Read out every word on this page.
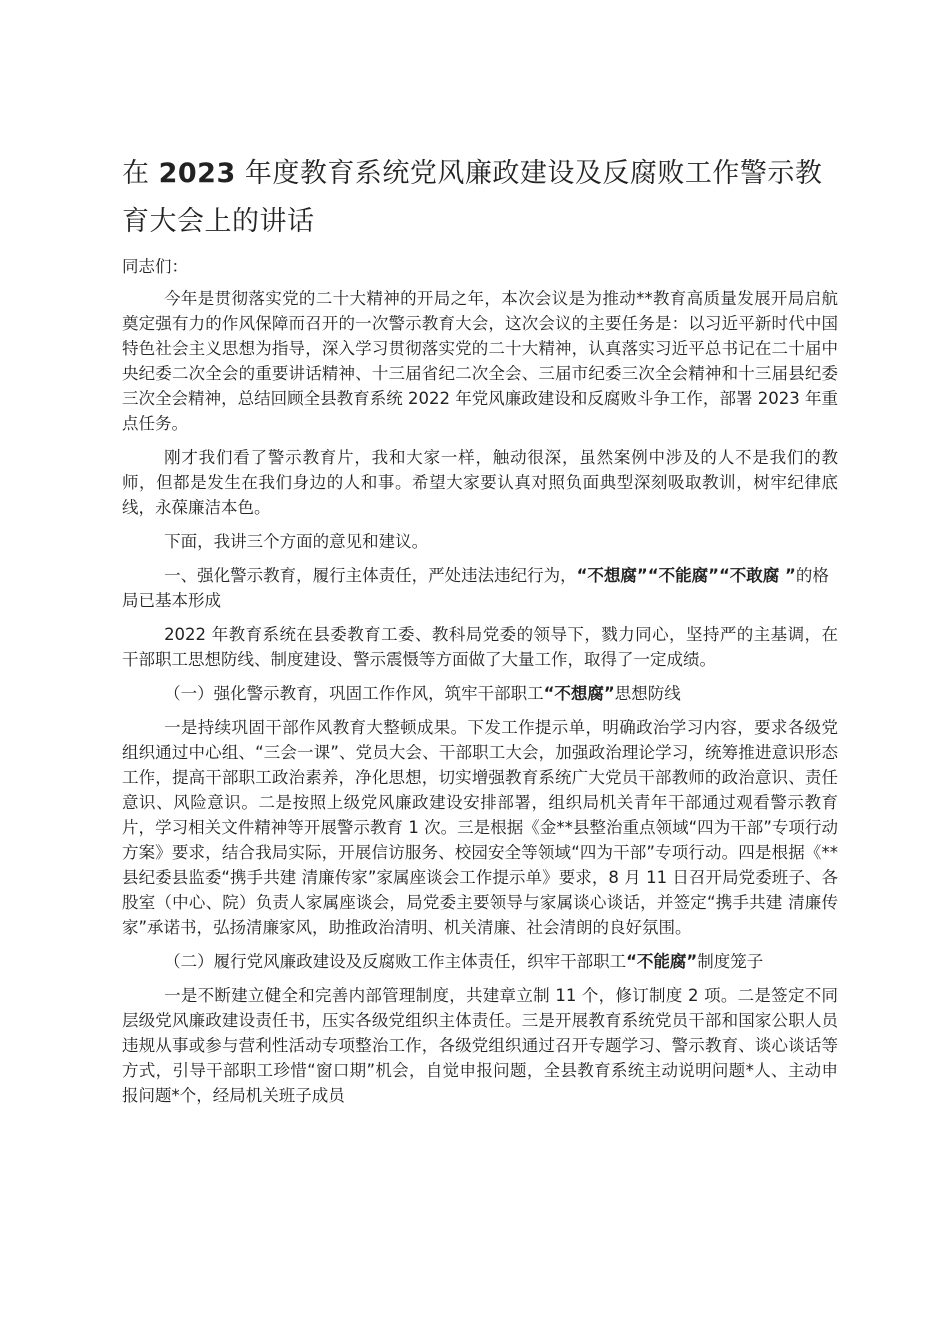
在 2023 年度教育系统党风廉政建设及反腐败工作警示教育大会上的讲话

同志们：

今年是贯彻落实党的二十大精神的开局之年，本次会议是为推动**教育高质量发展开局启航奠定强有力的作风保障而召开的一次警示教育大会，这次会议的主要任务是：以习近平新时代中国特色社会主义思想为指导，深入学习贯彻落实党的二十大精神，认真落实习近平总书记在二十届中央纪委二次全会的重要讲话精神、十三届省纪二次全会、三届市纪委三次全会精神和十三届县纪委三次全会精神，总结回顾全县教育系统 2022 年党风廉政建设和反腐败斗争工作，部署 2023 年重点任务。

刚才我们看了警示教育片，我和大家一样，触动很深，虽然案例中涉及的人不是我们的教师，但都是发生在我们身边的人和事。希望大家要认真对照负面典型深刻吸取教训，树牢纪律底线，永葆廉洁本色。

下面，我讲三个方面的意见和建议。

一、强化警示教育，履行主体责任，严处违法违纪行为，“不想腐”“不能腐”“不敢腐 ”的格局已基本形成

2022 年教育系统在县委教育工委、教科局党委的领导下，戮力同心，坚持严的主基调，在干部职工思想防线、制度建设、警示震慑等方面做了大量工作，取得了一定成绩。

（一）强化警示教育，巩固工作作风，筑牢干部职工“不想腐”思想防线

一是持续巩固干部作风教育大整顿成果。下发工作提示单，明确政治学习内容，要求各级党组织通过中心组、“三会一课”、党员大会、干部职工大会，加强政治理论学习，统筹推进意识形态工作，提高干部职工政治素养，净化思想，切实增强教育系统广大党员干部教师的政治意识、责任意识、风险意识。二是按照上级党风廉政建设安排部署，组织局机关青年干部通过观看警示教育片，学习相关文件精神等开展警示教育 1 次。三是根据《金**县整治重点领域“四为干部”专项行动方案》要求，结合我局实际，开展信访服务、校园安全等领域“四为干部”专项行动。四是根据《**县纪委县监委“携手共建 清廉传家”家属座谈会工作提示单》要求，8 月 11 日召开局党委班子、各股室（中心、院）负责人家属座谈会，局党委主要领导与家属谈心谈话，并签定“携手共建 清廉传家”承诺书，弘扬清廉家风，助推政治清明、机关清廉、社会清朗的良好氛围。

（二）履行党风廉政建设及反腐败工作主体责任，织牢干部职工“不能腐”制度笼子

一是不断建立健全和完善内部管理制度，共建章立制 11 个，修订制度 2 项。二是签定不同层级党风廉政建设责任书，压实各级党组织主体责任。三是开展教育系统党员干部和国家公职人员违规从事或参与营利性活动专项整治工作，各级党组织通过召开专题学习、警示教育、谈心谈话等方式，引导干部职工珍惜“窗口期”机会，自觉申报问题，全县教育系统主动说明问题*人、主动申报问题*个，经局机关班子成员
